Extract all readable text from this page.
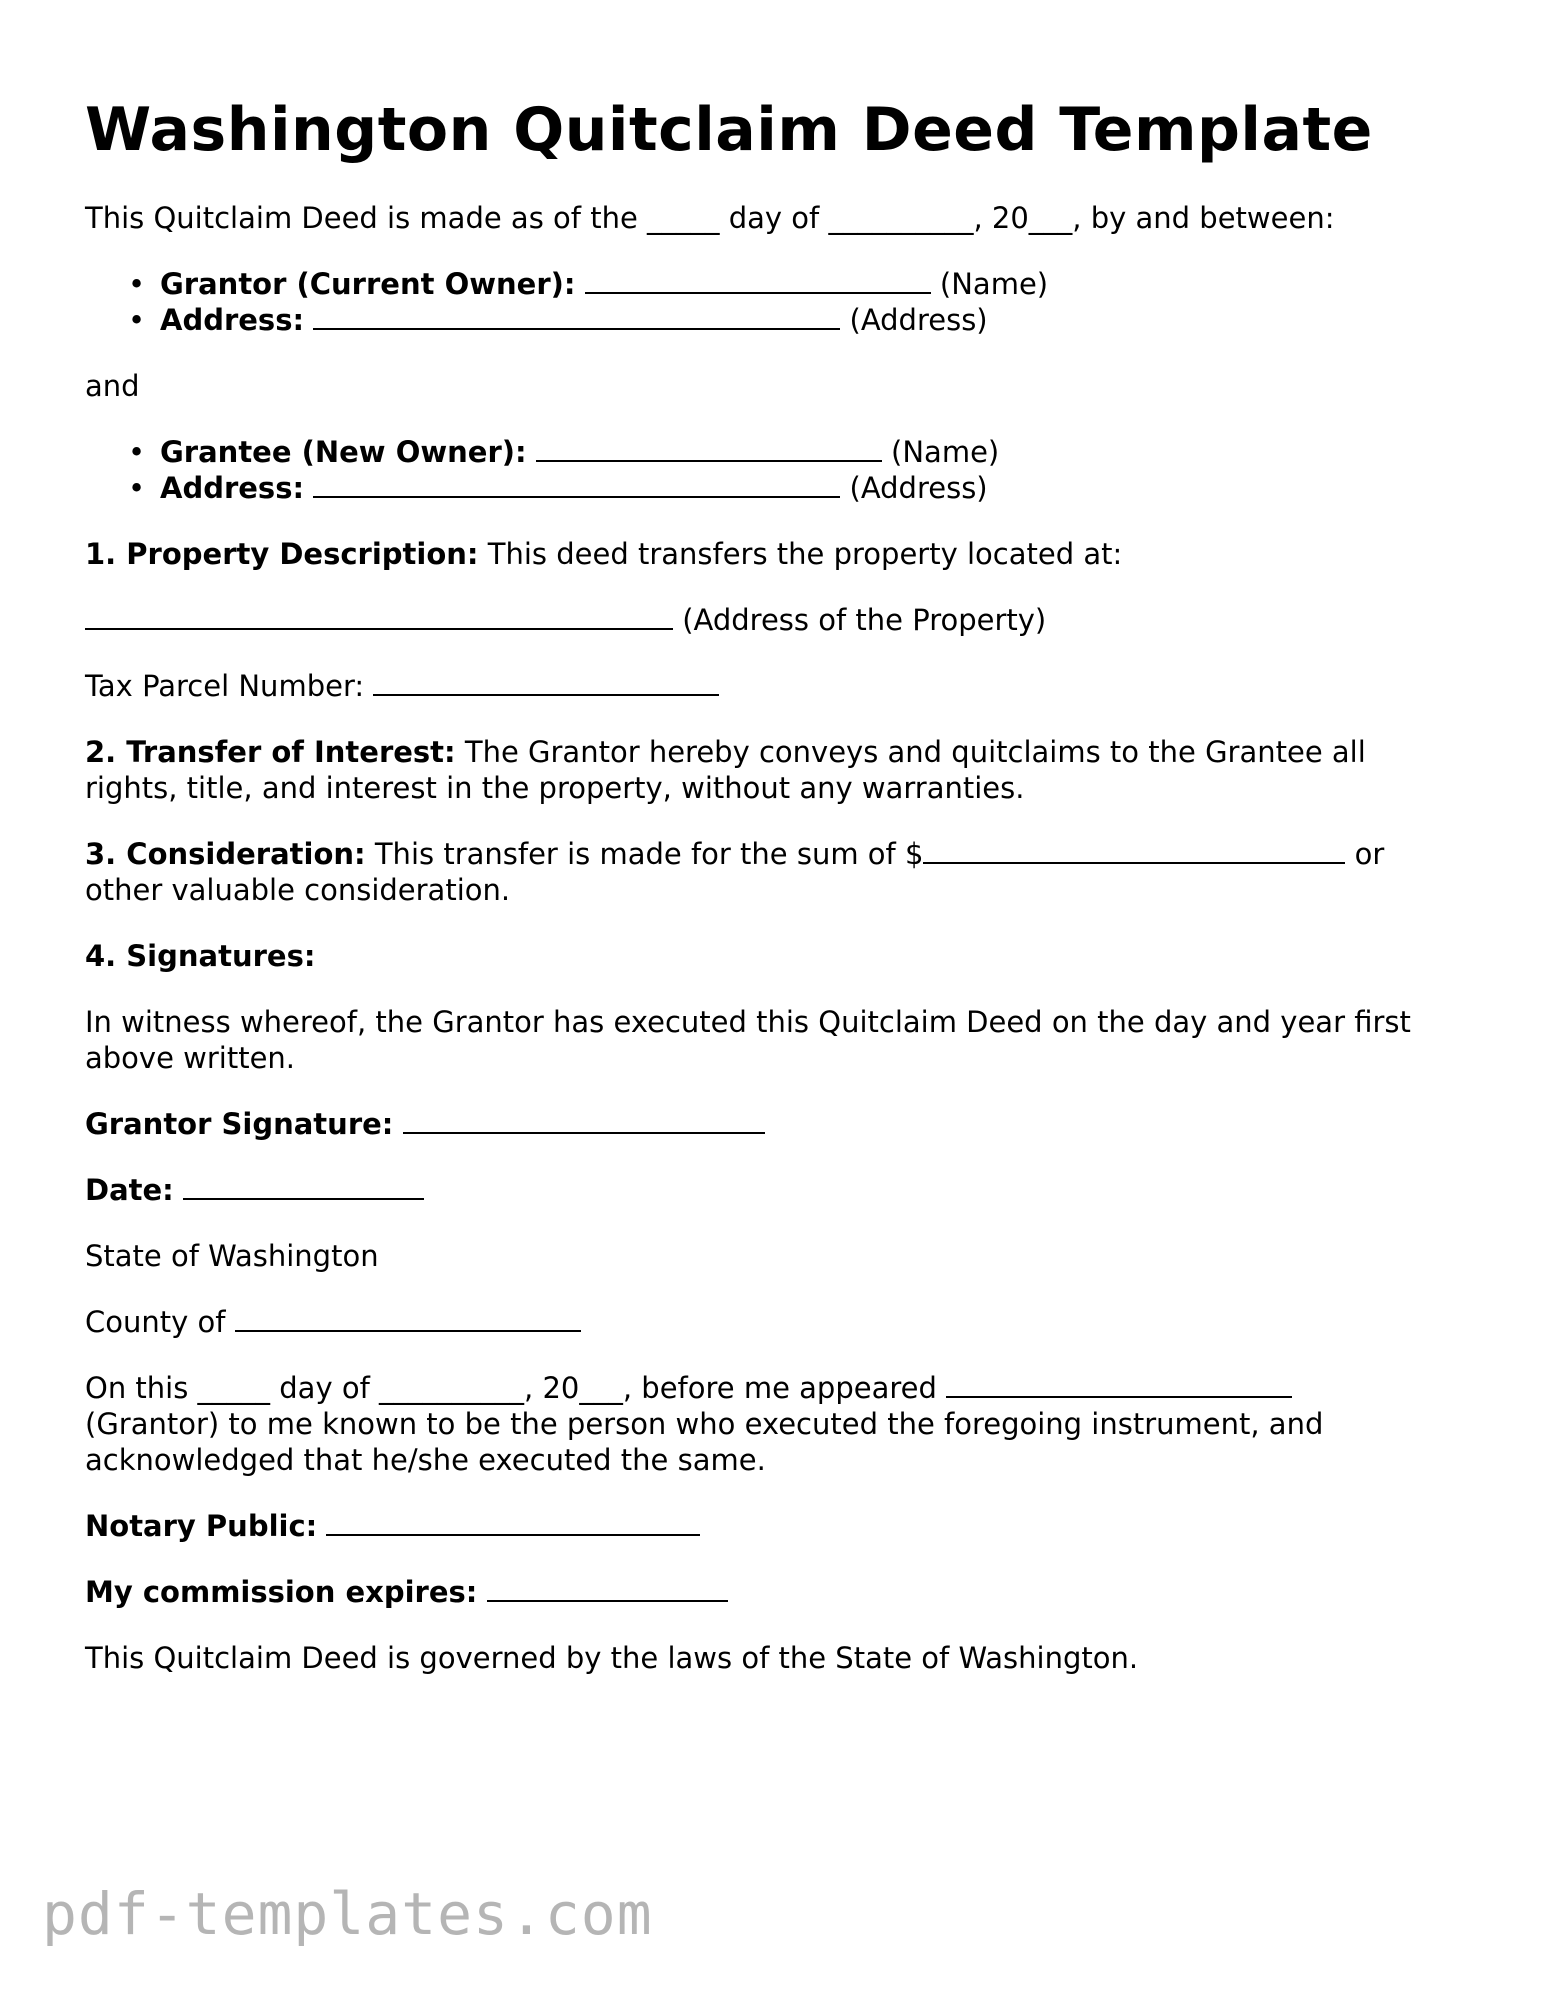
Washington Quitclaim Deed Template

This Quitclaim Deed is made as of the _____ day of __________, 20___, by and between:

• Grantor (Current Owner):	(Name)
• Address:	(Address)

and

• Grantee (New Owner):	(Name)
• Address:	(Address)

1. Property Description: This deed transfers the property located at:

(Address of the Property)

Tax Parcel Number:

2. Transfer of Interest: The Grantor hereby conveys and quitclaims to the Grantee all rights, title, and interest in the property, without any warranties.

3. Consideration: This transfer is made for the sum of $	or other valuable consideration.

4. Signatures:

In witness whereof, the Grantor has executed this Quitclaim Deed on the day and year first above written.

Grantor Signature:

Date:

State of Washington

County of

On this _____ day of __________, 20___, before me appeared  (Grantor) to me known to be the person who executed the foregoing instrument, and acknowledged that he/she executed the same.

Notary Public:

My commission expires:

This Quitclaim Deed is governed by the laws of the State of Washington.

pdf-templates.com
